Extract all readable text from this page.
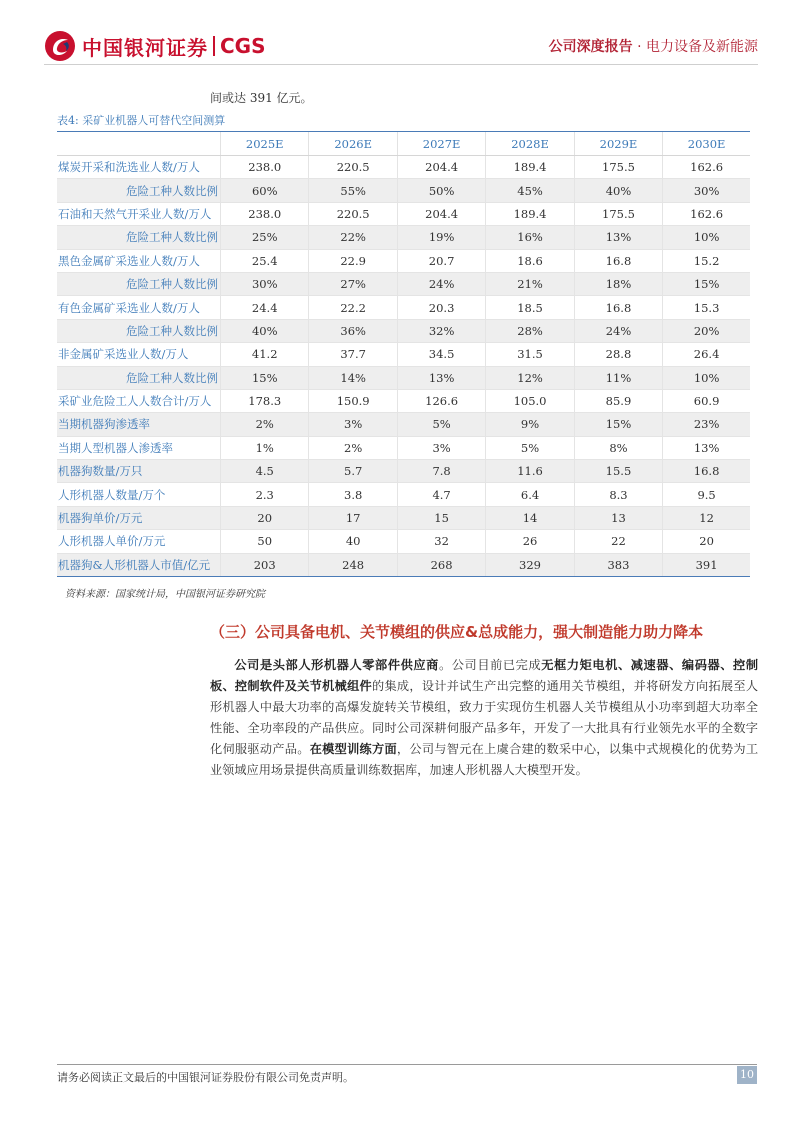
中国银河证券 CGS	公司深度报告 · 电力设备及新能源
间或达 391 亿元。
表4: 采矿业机器人可替代空间测算
	2025E	2026E	2027E	2028E	2029E	2030E
煤炭开采和洗选业人数/万人	238.0	220.5	204.4	189.4	175.5	162.6
危险工种人数比例	60%	55%	50%	45%	40%	30%
石油和天然气开采业人数/万人	238.0	220.5	204.4	189.4	175.5	162.6
危险工种人数比例	25%	22%	19%	16%	13%	10%
黑色金属矿采选业人数/万人	25.4	22.9	20.7	18.6	16.8	15.2
危险工种人数比例	30%	27%	24%	21%	18%	15%
有色金属矿采选业人数/万人	24.4	22.2	20.3	18.5	16.8	15.3
危险工种人数比例	40%	36%	32%	28%	24%	20%
非金属矿采选业人数/万人	41.2	37.7	34.5	31.5	28.8	26.4
危险工种人数比例	15%	14%	13%	12%	11%	10%
采矿业危险工人人数合计/万人	178.3	150.9	126.6	105.0	85.9	60.9
当期机器狗渗透率	2%	3%	5%	9%	15%	23%
当期人型机器人渗透率	1%	2%	3%	5%	8%	13%
机器狗数量/万只	4.5	5.7	7.8	11.6	15.5	16.8
人形机器人数量/万个	2.3	3.8	4.7	6.4	8.3	9.5
机器狗单价/万元	20	17	15	14	13	12
人形机器人单价/万元	50	40	32	26	22	20
机器狗&人形机器人市值/亿元	203	248	268	329	383	391
资料来源：国家统计局，中国银河证券研究院
（三）公司具备电机、关节模组的供应&总成能力，强大制造能力助力降本
公司是头部人形机器人零部件供应商。公司目前已完成无框力矩电机、减速器、编码器、控制板、控制软件及关节机械组件的集成，设计并试生产出完整的通用关节模组，并将研发方向拓展至人形机器人中最大功率的高爆发旋转关节模组，致力于实现仿生机器人关节模组从小功率到超大功率全性能、全功率段的产品供应。同时公司深耕伺服产品多年，开发了一大批具有行业领先水平的全数字化伺服驱动产品。在模型训练方面，公司与智元在上虞合建的数采中心，以集中式规模化的优势为工业领域应用场景提供高质量训练数据库，加速人形机器人大模型开发。
请务必阅读正文最后的中国银河证券股份有限公司免责声明。	10
